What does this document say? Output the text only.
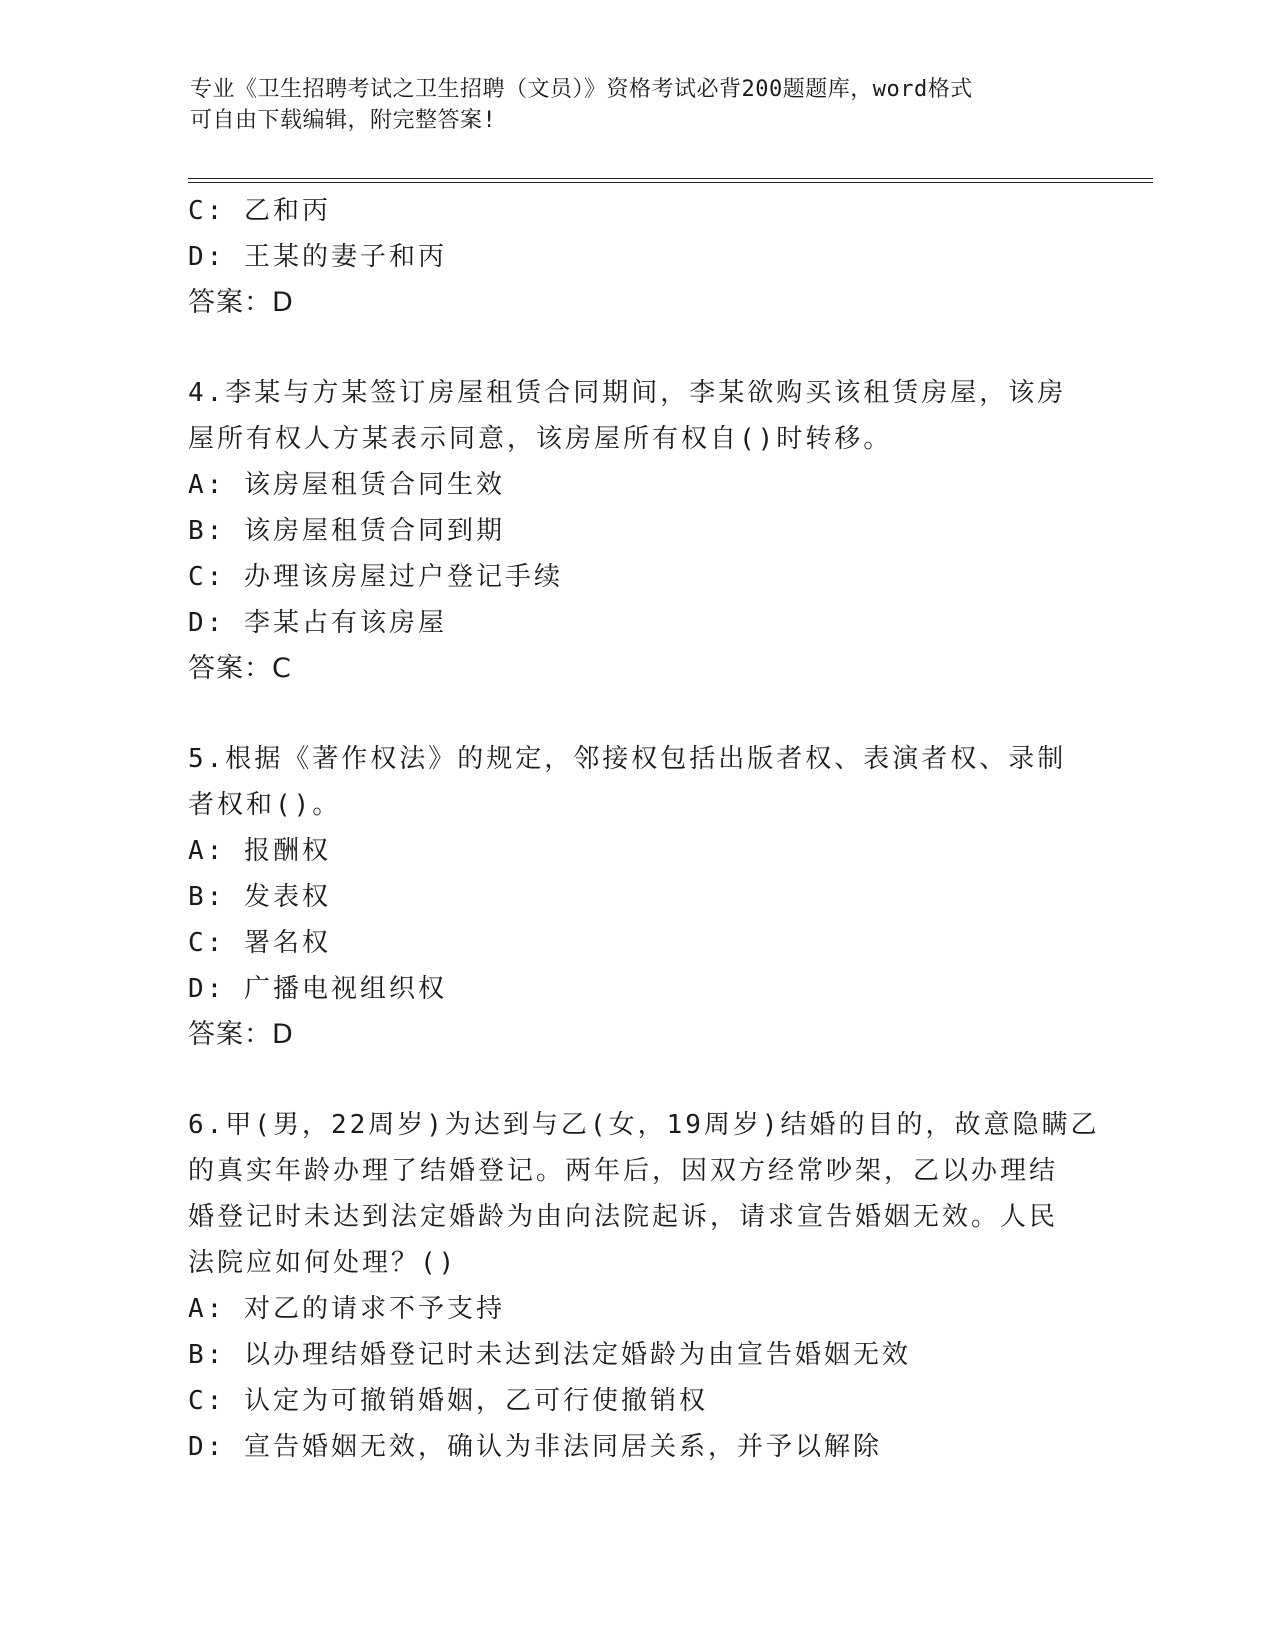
专业《卫生招聘考试之卫生招聘（文员）》资格考试必背200题题库，word格式
可自由下载编辑，附完整答案!
C: 乙和丙
D: 王某的妻子和丙
答案：D
4.李某与方某签订房屋租赁合同期间，李某欲购买该租赁房屋，该房
屋所有权人方某表示同意，该房屋所有权自()时转移。
A: 该房屋租赁合同生效
B: 该房屋租赁合同到期
C: 办理该房屋过户登记手续
D: 李某占有该房屋
答案：C
5.根据《著作权法》的规定，邻接权包括出版者权、表演者权、录制
者权和()。
A: 报酬权
B: 发表权
C: 署名权
D: 广播电视组织权
答案：D
6.甲(男，22周岁)为达到与乙(女，19周岁)结婚的目的，故意隐瞒乙
的真实年龄办理了结婚登记。两年后，因双方经常吵架，乙以办理结
婚登记时未达到法定婚龄为由向法院起诉，请求宣告婚姻无效。人民
法院应如何处理？()
A: 对乙的请求不予支持
B: 以办理结婚登记时未达到法定婚龄为由宣告婚姻无效
C: 认定为可撤销婚姻，乙可行使撤销权
D: 宣告婚姻无效，确认为非法同居关系，并予以解除
